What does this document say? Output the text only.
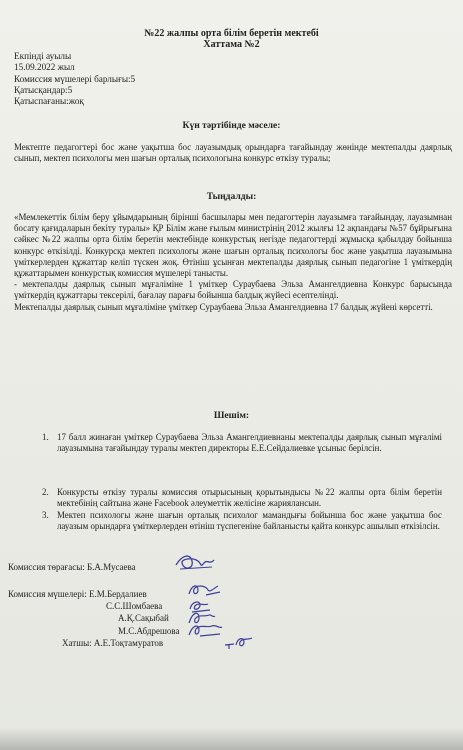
№22 жалпы орта білім беретін мектебі
Хаттама №2
Екпінді ауылы
15.09.2022 жыл
Комиссия мүшелері барлығы:5
Қатысқандар:5
Қатыспағаны:жоқ
Күн тәртібінде мәселе:
Мектепте педагогтері бос және уақытша бос лауазымдық орындарға тағайындау жөнінде мектепалды даярлық сынып, мектеп психологы мен шағын орталық психологына конкурс өткізу туралы;
Тыңдалды:

«Мемлекеттік білім беру ұйымдарының бірінші басшылары мен педагогтерін лауазымға тағайындау, лауазымнан босату қағидаларын бекіту туралы» ҚР Білім және ғылым министрінің 2012 жылғы 12 ақпандағы №57 бұйрығына сәйкес №22 жалпы орта білім беретін мектебінде конкурстық негізде педагогтерді жұмысқа қабылдау бойынша конкурс өткізілді. Конкурсқа мектеп психологы және шағын орталық психологы бос және уақытша лауазымына үміткерлерден құжаттар келіп түскен жоқ. Өтініш ұсынған мектепалды даярлық сынып педагогіне 1 үміткердің құжаттарымен конкурстық комиссия мүшелері танысты.

- мектепалды даярлық сынып мұғаліміне 1 үміткер Сураубаева Эльза Амангелдиевна Конкурс барысында үміткердің құжаттары тексерілі, бағалау парағы бойынша балдық жүйесі есептелінді.

Мектепалды даярлық сынып мұғаліміне үміткер Сураубаева Эльза Амангелдиевна 17 балдық жүйені көрсетті.

Шешім:
1. 17 балл жинаған үміткер Сураубаева Эльза Амангелдиевнаны мектепалды даярлық сынып мұғалімі лауазымына тағайындау туралы мектеп директоры Е.Е.Сейдалиевке ұсыныс берілсін.
2. Конкурсты өткізу туралы комиссия отырысының қорытындысы №22 жалпы орта білім беретін мектебінің сайтына және Facebook әлеуметтік желісіне жариялансын.
3. Мектеп психологы және шағын орталық психолог мамандығы бойынша бос және уақытша бос лауазым орындарға үміткерлерден өтініш түспегеніне байланысты қайта конкурс ашылып өткізілсін.
Комиссия төрағасы: Б.А.Мусаева
Комиссия мүшелері: Е.М.Бердалиев
С.С.Шомбаева
А.Қ.Сақыбай
М.С.Абдрешова
Хатшы: А.Е.Тоқтамуратов
